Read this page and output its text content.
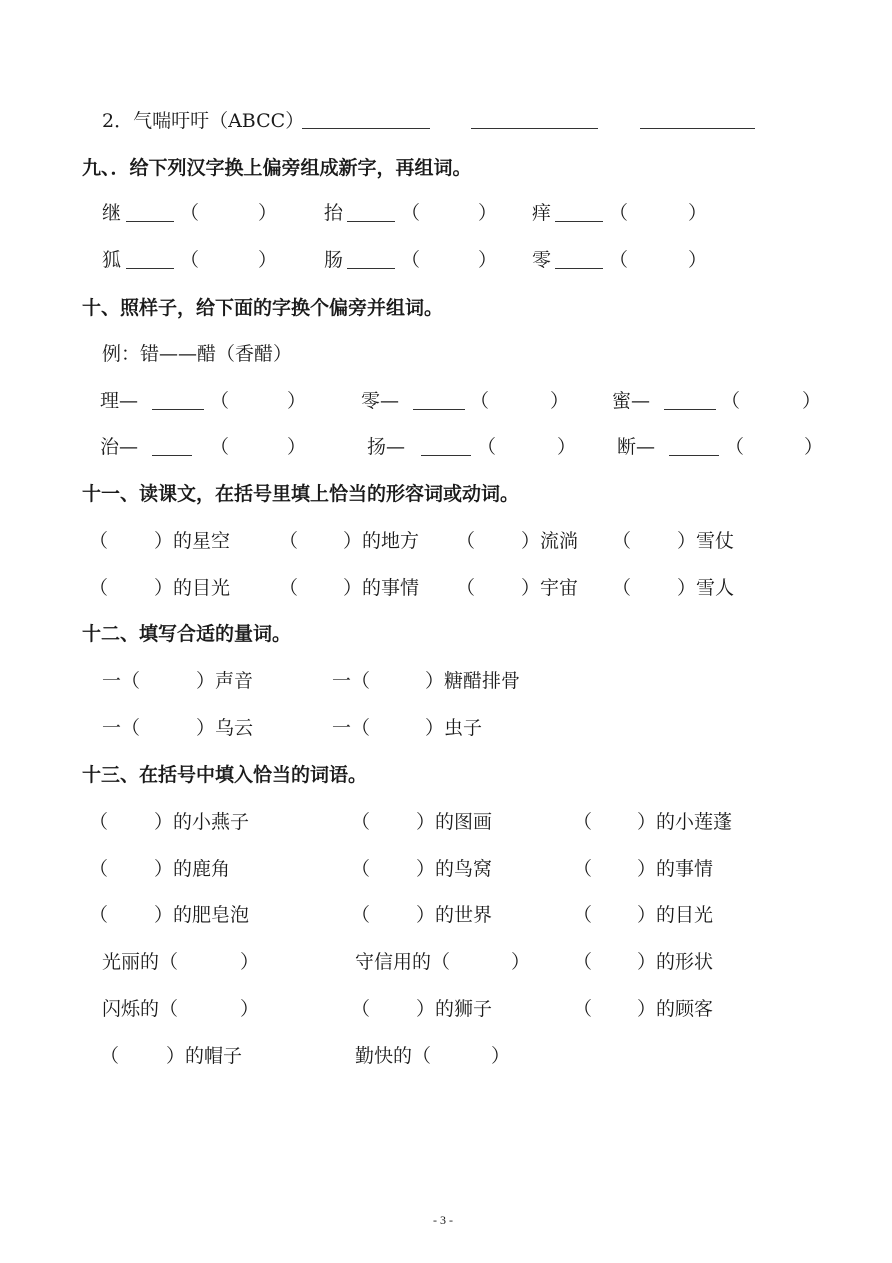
2．气喘吁吁（ABCC）
九、．给下列汉字换上偏旁组成新字，再组词。
继	（	） 抬	（	） 痒	（	）
狐	（	） 肠	（	） 零	（	）
十、照样子，给下面的字换个偏旁并组词。
例：错——醋（香醋）
理—	（	）	零—	（	） 蜜—	（	）
治—	（	）	扬—	（	） 断—	（	）
十一、读课文，在括号里填上恰当的形容词或动词。
（ ）的星空	（ ）的地方 （ ）流淌 （ ）雪仗
（ ）的目光	（ ）的事情 （ ）宇宙 （ ）雪人
十二、填写合适的量词。
一（	）声音	一（	）糖醋排骨
一（	）乌云	一（	）虫子
十三、在括号中填入恰当的词语。
（ ）的小燕子	（ ）的图画	（ ）的小莲蓬
（ ）的鹿角	（ ）的鸟窝	（ ）的事情
（ ）的肥皂泡	（ ）的世界	（ ）的目光
光丽的（	）	守信用的（	） （ ）的形状
闪烁的（	）	（ ）的狮子	（ ）的顾客
（ ）的帽子	勤快的（	）
- 3 -
